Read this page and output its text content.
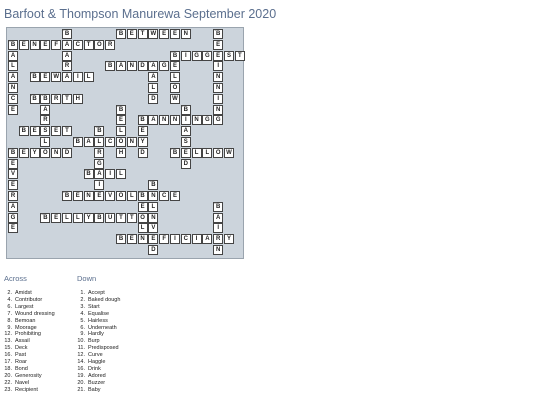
Barfoot & Thompson Manurewa September 2020
1
B
A
A
R
2
B	E	T	W E	E	N
3
B
E
E
I
N
N
I
N
G
4
B	E	N	E	F	C	T	O	R
A
L
A
N
C
E
5
A
A
L
D
6
B	I	G	G	S	T
E
L
O
W
7
B	A	N	D	G
8
B	E W A	I	L
9
B
9
B	R	T	H
A
R
S
L
O
10
B
E
L
O
H
11
B
I
A
S
E
D
12
B	A	N	N	N	G
E
Y
D
13
B	E	E	T
14
B
L
R
G
A
I
E
15
B	A	C	N
16
B	E	Y	N	D
E
V
E
R
A
G
E
17
B	L	L	O W
18
B	I	L
19
B
N
L
N
V
E
D
20
B	E	N	V	O	L
20
B	C	E
E
O
L
21
B
A
I
R
N
22
B	E	L	L	Y	B	U	T	T
23
B	E	N	F	I	C	I	A	Y
Across	Down
2. Amidst
4. Contributor
6. Largest
7. Wound dressing
8. Bemoan
9. Moorage
12. Prohibiting
13. Assail
15. Deck
16. Past
17. Roar
18. Bond
20. Generosity
22. Navel
23. Recipient
1. Accept
2. Baked dough
3. Start
4. Equalise
5. Hairless
6. Underneath
9. Hardly
10. Burp
11. Predisposed
12. Curve
14. Haggle
16. Drink
19. Adored
20. Buzzer
21. Baby
